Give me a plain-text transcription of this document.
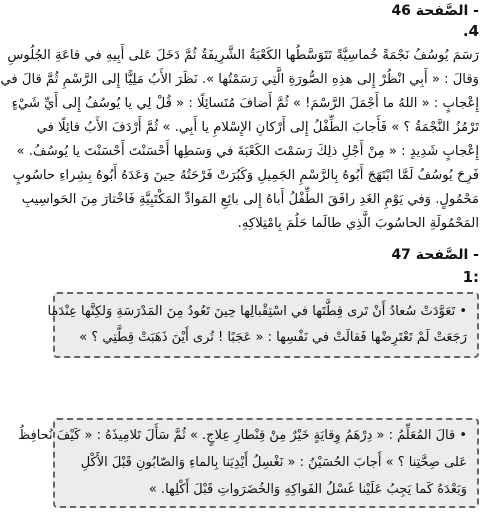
- الصَّفحة 46

4.

رَسَمَ يُوسُفُ نَجْمَةً خُماسِيَّةً تَتَوَسَّطُها الكَعْبَةُ الشَّرِيفَةُ ثُمَّ دَخَلَ عَلى أَبِيهِ في قاعَةِ الجُلُوسِ

وَقالَ : « أَبِي انْظُرْ إِلى هذِهِ الصُّورَةِ الَّتِي رَسَمْتُها ». نَظَرَ الأَبُ مَلِيًّا إِلى الرَّسْمِ ثُمَّ قالَ في

إِعْجابٍ : « اللهُ ما أَجْمَلَ الرَّسْمَ! » ثُمَّ أَضافَ مُتَسائِلًا : « قُلْ لِي يا يُوسُفُ إِلى أَيِّ شَيْءٍ

تَرْمُزُ النَّجْمَةُ ؟ » فَأَجابَ الطِّفْلُ إِلى أَرْكانِ الإِسْلامِ يا أَبِي. » ثُمَّ أَرْدَفَ الأَبُ قائِلًا في

إِعْجابٍ شَدِيدٍ : « مِنْ أَجْلِ ذلِكَ رَسَمْتَ الكَعْبَةَ في وَسَطِها أَحْسَنْتَ أَحْسَنْتَ يا يُوسُفُ. »

فَرِحَ يُوسُفُ لَمَّا ابْتَهَجَ أَبُوهُ بِالرَّسْمِ الجَمِيلِ وَكَبُرَتْ فَرْحَتُهُ حِينَ وَعَدَهُ أَبُوهُ بِشِراءِ حاسُوبٍ

مَحْمُولٍ. وَفي يَوْمِ الغَدِ رافَقَ الطِّفْلُ أَباهُ إِلى بائِعِ المَوادِّ المَكْتَبِيَّةِ فَاخْتارَ مِنَ الحَواسِيبِ

المَحْمُولَةِ الحاسُوبَ الَّذِي طالَما حَلُمَ بِامْتِلاكِهِ.

- الصَّفحة 47

:1

• تَعَوَّدَتْ سُعادُ أَنْ تَرى قِطَّتَها في اسْتِقْبالِها حِينَ تَعُودُ مِنَ المَدْرَسَةِ وَلكِنَّها عِنْدَما

رَجَعَتْ لَمْ تَعْتَرِضْها فَقالَتْ في نَفْسِها : « عَجَبًا ! تُرى أَيْنَ ذَهَبَتْ قِطَّتِي ؟ »

• قالَ المُعَلِّمُ : « دِرْهَمُ وِقايَةٍ خَيْرٌ مِنْ قِنْطارِ عِلاجٍ. » ثُمَّ سَأَلَ تَلامِيذَهُ : « كَيْفَ نُحافِظُ

عَلى صِحَّتِنا ؟ » أَجابَ الحُسَيْنُ : « نَغْسِلُ أَيْدِيَنا بِالماءِ وَالصّابُونِ قَبْلَ الأَكْلِ

وَبَعْدَهُ كَما يَجِبُ عَلَيْنا غَسْلُ الفَواكِهِ وَالخُضَرَواتِ قَبْلَ أَكْلِها. »
